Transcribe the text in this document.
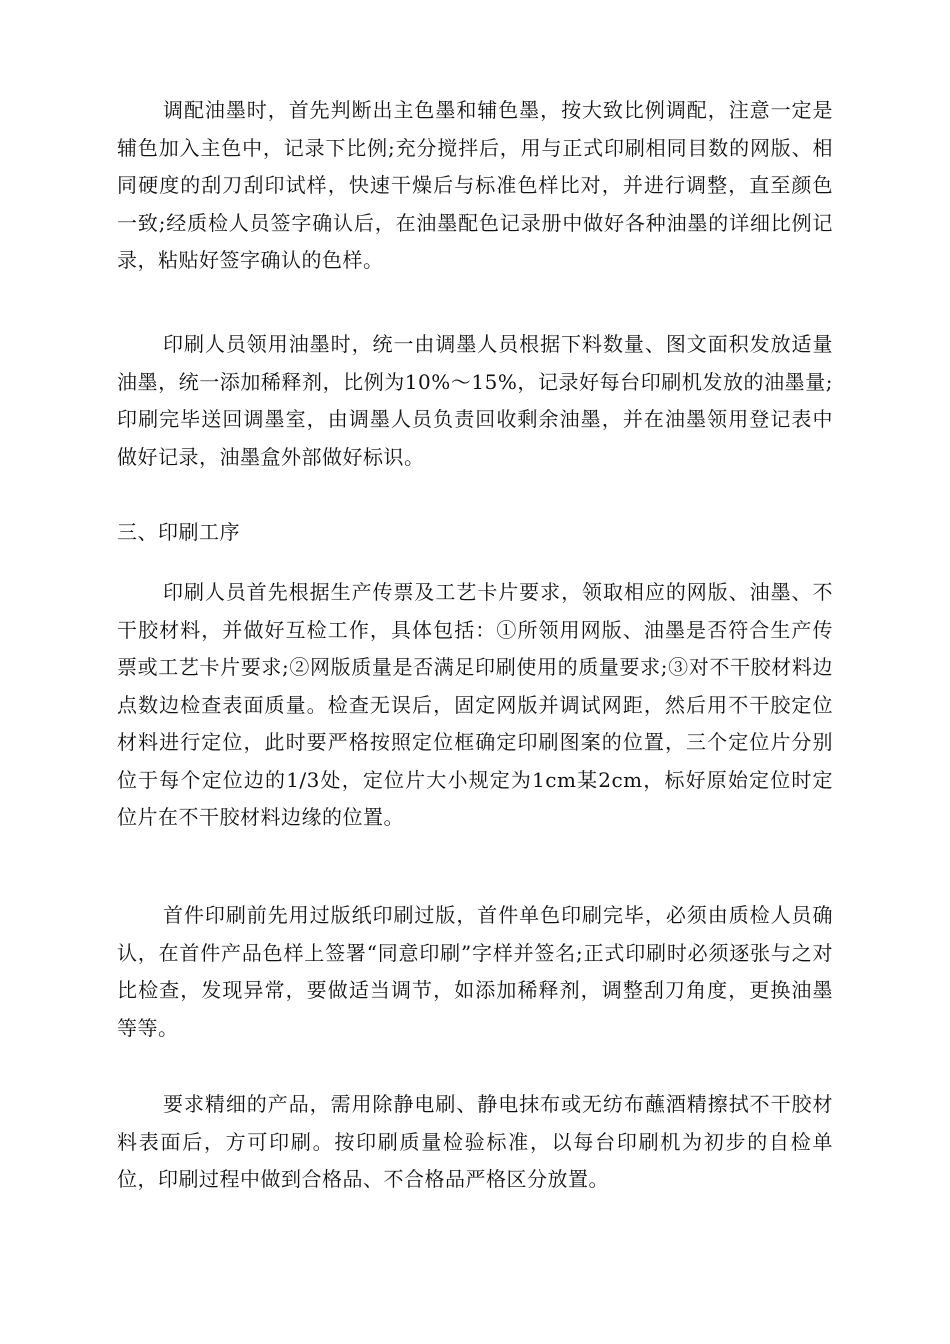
调配油墨时，首先判断出主色墨和辅色墨，按大致比例调配，注意一定是辅色加入主色中，记录下比例;充分搅拌后，用与正式印刷相同目数的网版、相同硬度的刮刀刮印试样，快速干燥后与标准色样比对，并进行调整，直至颜色一致;经质检人员签字确认后，在油墨配色记录册中做好各种油墨的详细比例记录，粘贴好签字确认的色样。

印刷人员领用油墨时，统一由调墨人员根据下料数量、图文面积发放适量油墨，统一添加稀释剂，比例为10%～15%，记录好每台印刷机发放的油墨量;印刷完毕送回调墨室，由调墨人员负责回收剩余油墨，并在油墨领用登记表中做好记录，油墨盒外部做好标识。

三、印刷工序

印刷人员首先根据生产传票及工艺卡片要求，领取相应的网版、油墨、不干胶材料，并做好互检工作，具体包括：①所领用网版、油墨是否符合生产传票或工艺卡片要求;②网版质量是否满足印刷使用的质量要求;③对不干胶材料边点数边检查表面质量。检查无误后，固定网版并调试网距，然后用不干胶定位材料进行定位，此时要严格按照定位框确定印刷图案的位置，三个定位片分别位于每个定位边的1/3处，定位片大小规定为1cm某2cm，标好原始定位时定位片在不干胶材料边缘的位置。

首件印刷前先用过版纸印刷过版，首件单色印刷完毕，必须由质检人员确认，在首件产品色样上签署“同意印刷”字样并签名;正式印刷时必须逐张与之对比检查，发现异常，要做适当调节，如添加稀释剂，调整刮刀角度，更换油墨等等。

要求精细的产品，需用除静电刷、静电抹布或无纺布蘸酒精擦拭不干胶材料表面后，方可印刷。按印刷质量检验标准，以每台印刷机为初步的自检单位，印刷过程中做到合格品、不合格品严格区分放置。
